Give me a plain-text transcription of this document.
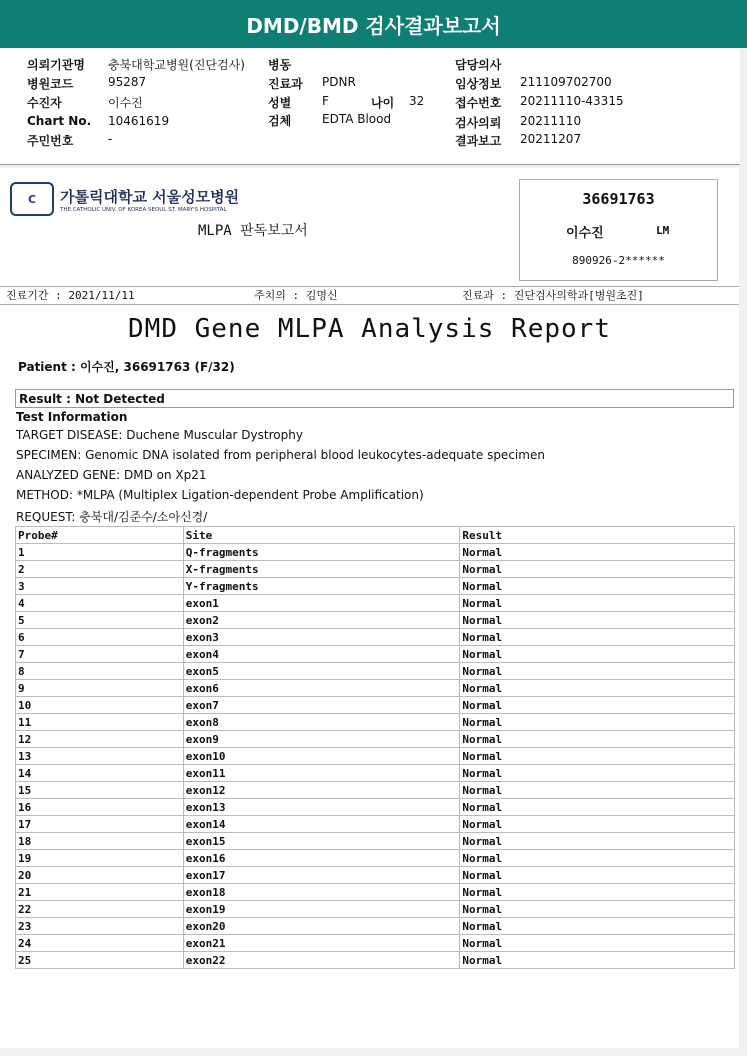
DMD/BMD 검사결과보고서
의뢰기관명 충북대학교병원(진단검사) 병동	담당의사
병원코드	95287	진료과 PDNR	임상정보 211109702700
수진자	이수진	성별	F	나이 32	접수번호 20211110-43315
Chart No. 10461619	검체	EDTA Blood	검사의뢰 20211110
주민번호	-	결과보고 20211207
C	가톨릭대학교 서울성모병원
THE CATHOLIC UNIV. OF KOREA SEOUL ST. MARY'S HOSPITAL
MLPA 판독보고서
36691763
이수진	LM
890926-2******
진료기간 : 2021/11/11	주치의 : 김명신	진료과 : 진단검사의학과[병원초진]
DMD Gene MLPA Analysis Report
Patient : 이수진, 36691763 (F/32)
Result : Not Detected
Test Information
TARGET DISEASE: Duchene Muscular Dystrophy
SPECIMEN: Genomic DNA isolated from peripheral blood leukocytes-adequate specimen
ANALYZED GENE: DMD on Xp21
METHOD: *MLPA (Multiplex Ligation-dependent Probe Amplification)
REQUEST: 충북대/김준수/소아신경/
Probe#	Site	Result
1	Q-fragments	Normal
2	X-fragments	Normal
3	Y-fragments	Normal
4	exon1	Normal
5	exon2	Normal
6	exon3	Normal
7	exon4	Normal
8	exon5	Normal
9	exon6	Normal
10	exon7	Normal
11	exon8	Normal
12	exon9	Normal
13	exon10	Normal
14	exon11	Normal
15	exon12	Normal
16	exon13	Normal
17	exon14	Normal
18	exon15	Normal
19	exon16	Normal
20	exon17	Normal
21	exon18	Normal
22	exon19	Normal
23	exon20	Normal
24	exon21	Normal
25	exon22	Normal
